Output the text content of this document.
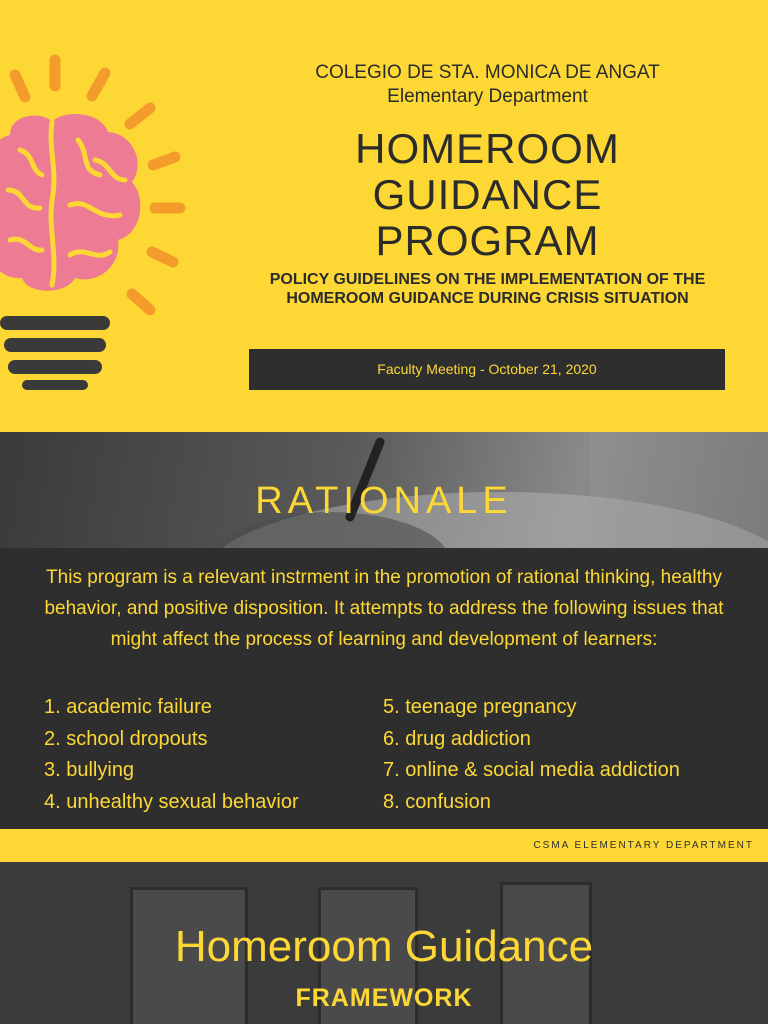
COLEGIO DE STA. MONICA DE ANGAT
Elementary Department
HOMEROOM
GUIDANCE
PROGRAM
POLICY GUIDELINES ON THE IMPLEMENTATION OF THE HOMEROOM GUIDANCE DURING CRISIS SITUATION
Faculty Meeting - October 21, 2020
RATIONALE

This program is a relevant instrment in the promotion of rational thinking, healthy behavior, and positive disposition. It attempts to address the following issues that might affect the process of learning and development of learners:

1. academic failure
2. school dropouts
3. bullying
4. unhealthy sexual behavior
5. teenage pregnancy
6. drug addiction
7. online & social media addiction
8. confusion
CSMA ELEMENTARY DEPARTMENT
Homeroom Guidance
FRAMEWORK
